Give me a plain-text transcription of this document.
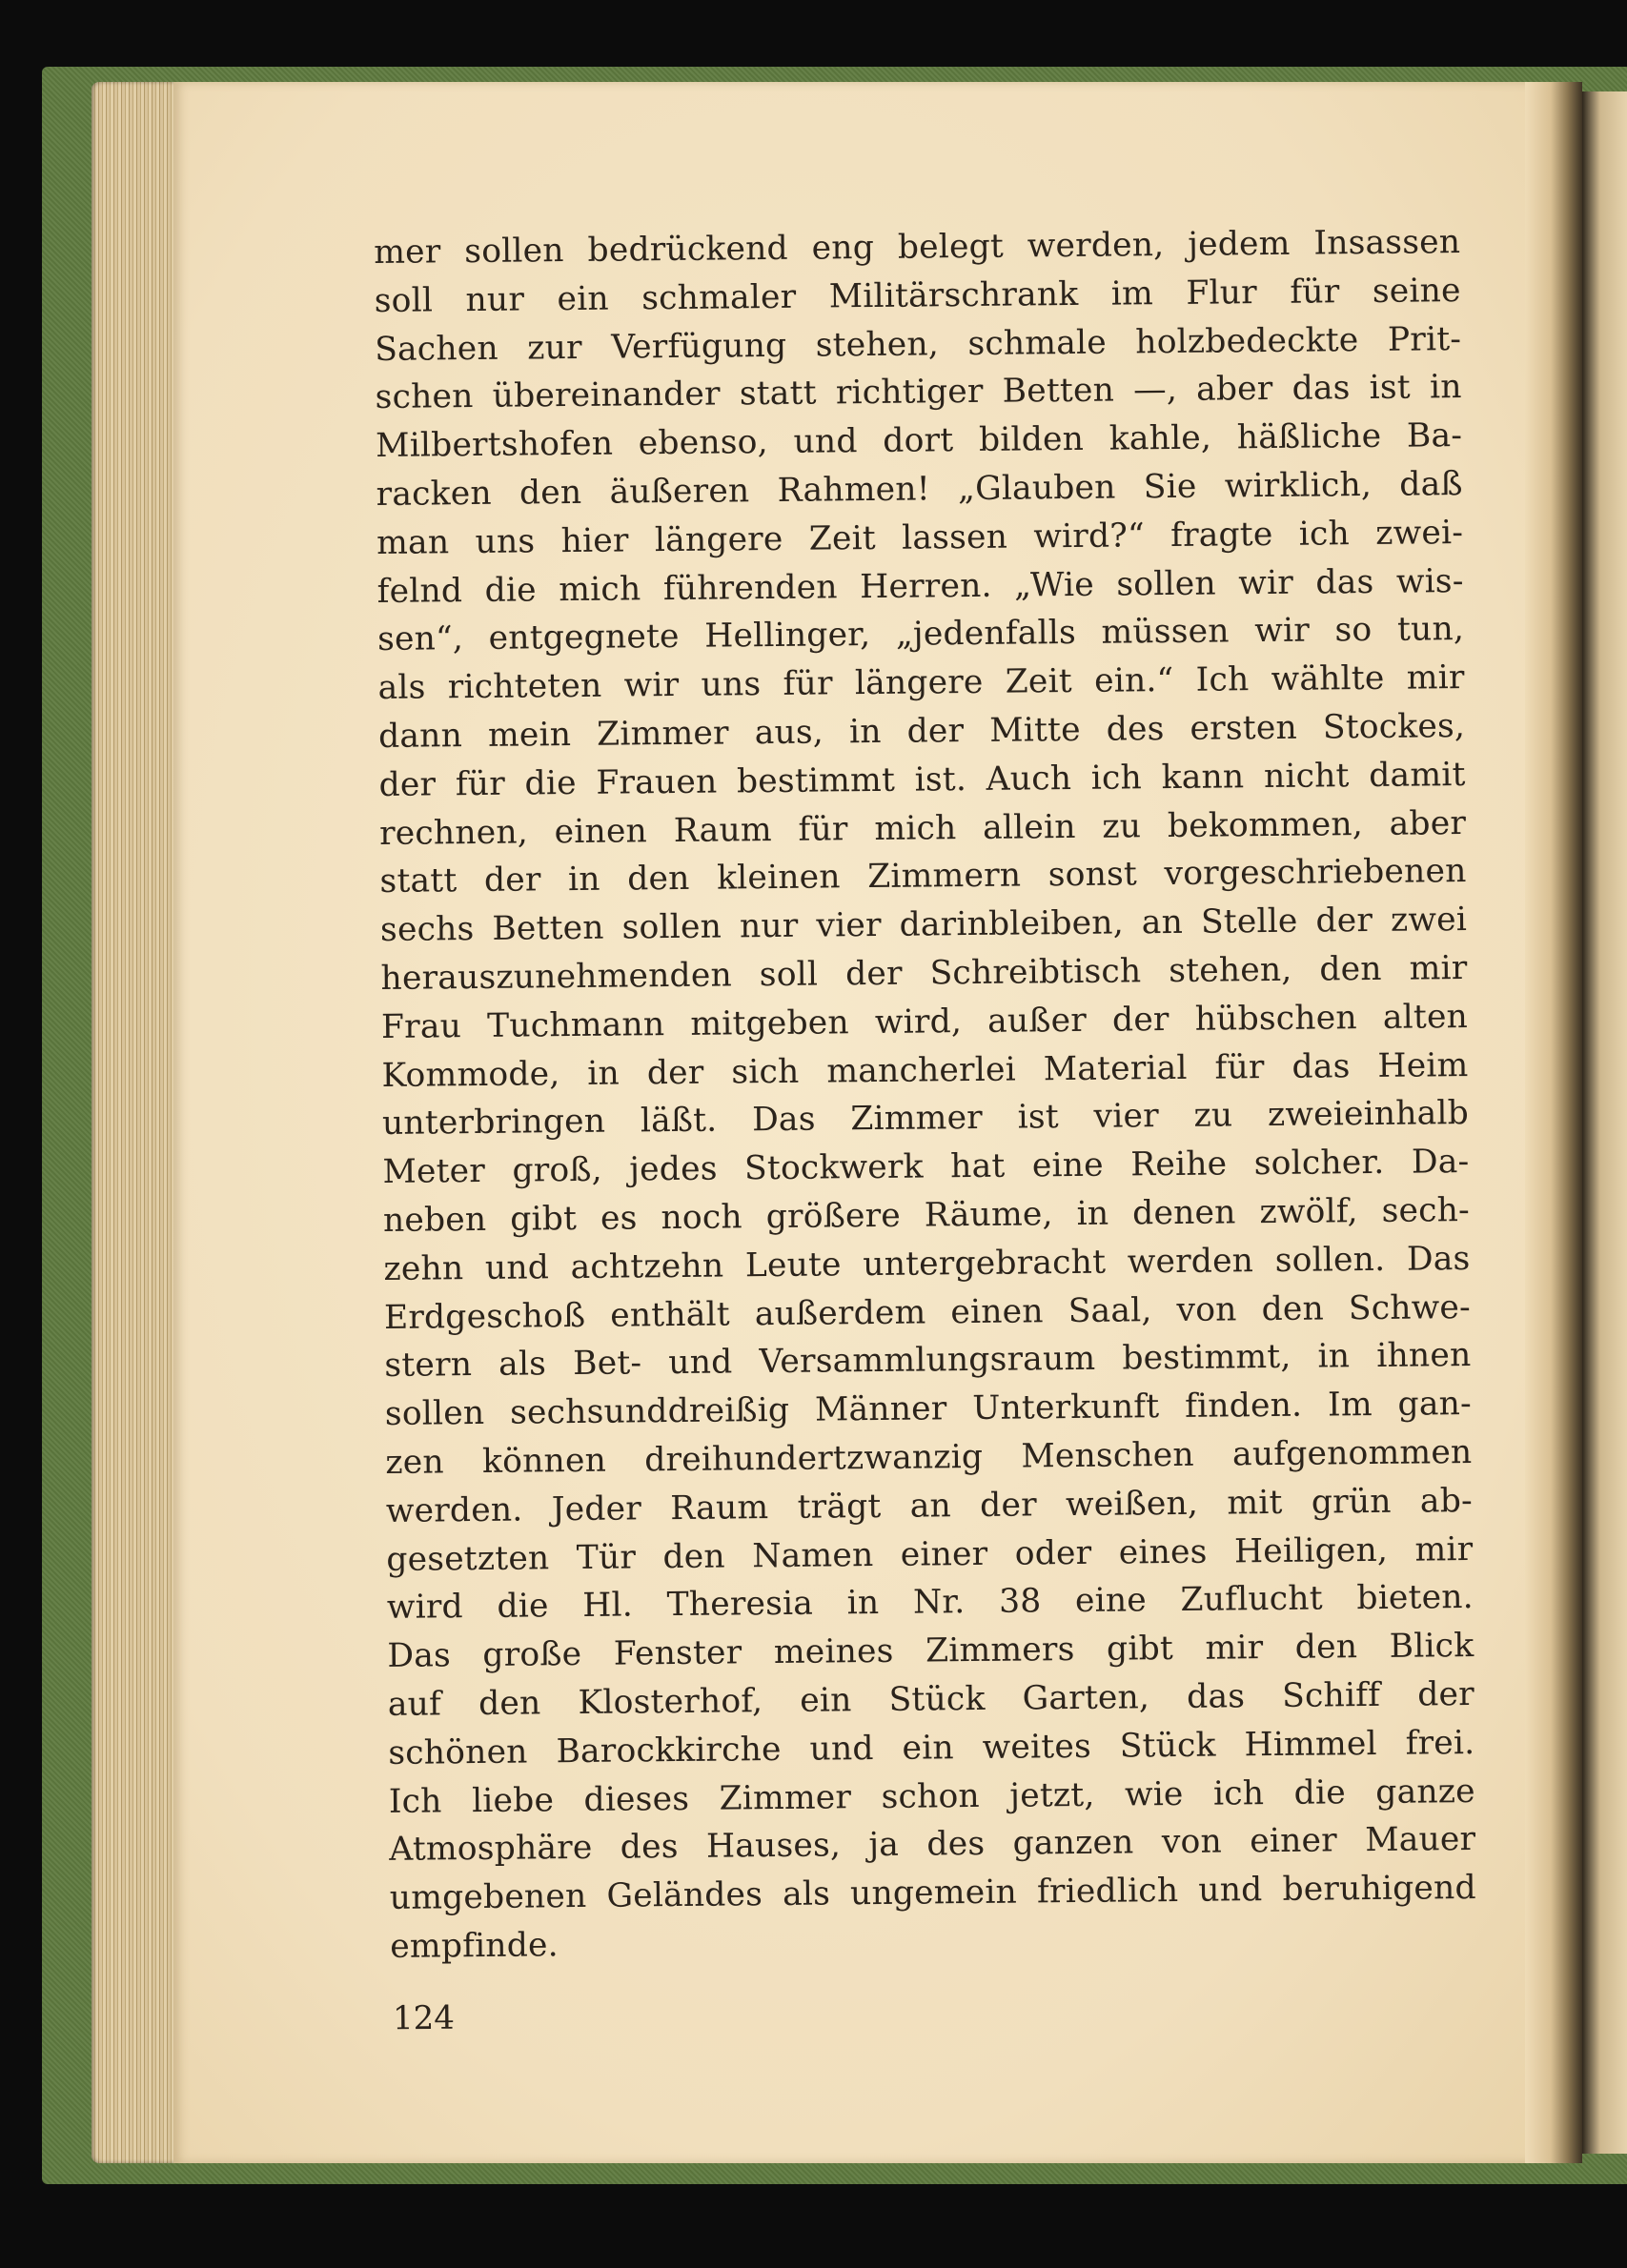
mer sollen bedrückend eng belegt werden, jedem Insassen
soll nur ein schmaler Militärschrank im Flur für seine
Sachen zur Verfügung stehen, schmale holzbedeckte Prit-
schen übereinander statt richtiger Betten —, aber das ist in
Milbertshofen ebenso, und dort bilden kahle, häßliche Ba-
racken den äußeren Rahmen! „Glauben Sie wirklich, daß
man uns hier längere Zeit lassen wird?“ fragte ich zwei-
felnd die mich führenden Herren. „Wie sollen wir das wis-
sen“, entgegnete Hellinger, „jedenfalls müssen wir so tun,
als richteten wir uns für längere Zeit ein.“ Ich wählte mir
dann mein Zimmer aus, in der Mitte des ersten Stockes,
der für die Frauen bestimmt ist. Auch ich kann nicht damit
rechnen, einen Raum für mich allein zu bekommen, aber
statt der in den kleinen Zimmern sonst vorgeschriebenen
sechs Betten sollen nur vier darinbleiben, an Stelle der zwei
herauszunehmenden soll der Schreibtisch stehen, den mir
Frau Tuchmann mitgeben wird, außer der hübschen alten
Kommode, in der sich mancherlei Material für das Heim
unterbringen läßt. Das Zimmer ist vier zu zweieinhalb
Meter groß, jedes Stockwerk hat eine Reihe solcher. Da-
neben gibt es noch größere Räume, in denen zwölf, sech-
zehn und achtzehn Leute untergebracht werden sollen. Das
Erdgeschoß enthält außerdem einen Saal, von den Schwe-
stern als Bet- und Versammlungsraum bestimmt, in ihnen
sollen sechsunddreißig Männer Unterkunft finden. Im gan-
zen können dreihundertzwanzig Menschen aufgenommen
werden. Jeder Raum trägt an der weißen, mit grün ab-
gesetzten Tür den Namen einer oder eines Heiligen, mir
wird die Hl. Theresia in Nr. 38 eine Zuflucht bieten.
Das große Fenster meines Zimmers gibt mir den Blick
auf den Klosterhof, ein Stück Garten, das Schiff der
schönen Barockkirche und ein weites Stück Himmel frei.
Ich liebe dieses Zimmer schon jetzt, wie ich die ganze
Atmosphäre des Hauses, ja des ganzen von einer Mauer
umgebenen Geländes als ungemein friedlich und beruhigend
empfinde.
124
